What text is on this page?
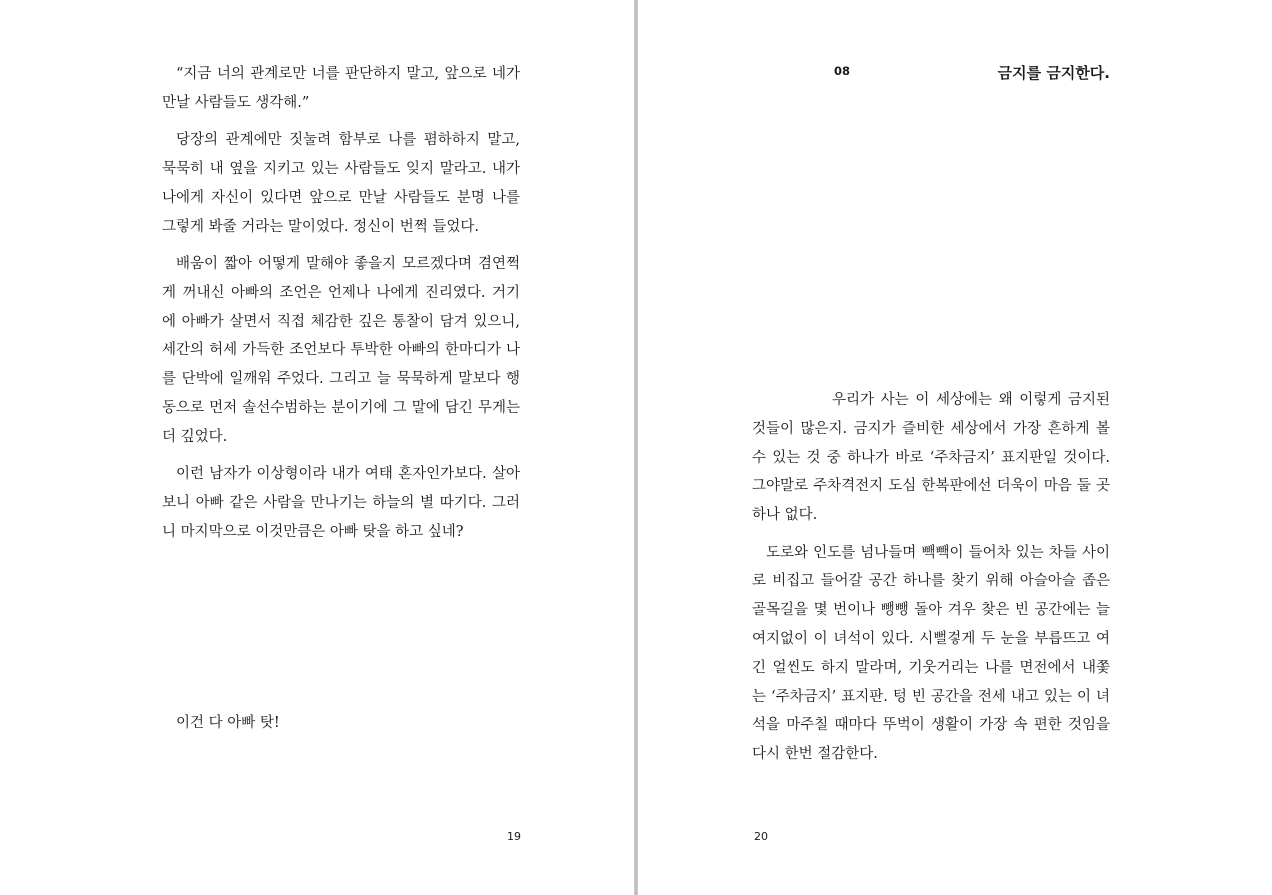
“지금 너의 관계로만 너를 판단하지 말고, 앞으로 네가 만날 사람들도 생각해.”

당장의 관계에만 짓눌려 함부로 나를 폄하하지 말고, 묵묵히 내 옆을 지키고 있는 사람들도 잊지 말라고. 내가 나에게 자신이 있다면 앞으로 만날 사람들도 분명 나를 그렇게 봐줄 거라는 말이었다. 정신이 번쩍 들었다.

배움이 짧아 어떻게 말해야 좋을지 모르겠다며 겸연쩍게 꺼내신 아빠의 조언은 언제나 나에게 진리였다. 거기에 아빠가 살면서 직접 체감한 깊은 통찰이 담겨 있으니, 세간의 허세 가득한 조언보다 투박한 아빠의 한마디가 나를 단박에 일깨워 주었다. 그리고 늘 묵묵하게 말보다 행동으로 먼저 솔선수범하는 분이기에 그 말에 담긴 무게는 더 깊었다.

이런 남자가 이상형이라 내가 여태 혼자인가보다. 살아보니 아빠 같은 사람을 만나기는 하늘의 별 따기다. 그러니 마지막으로 이것만큼은 아빠 탓을 하고 싶네?

이건 다 아빠 탓!
19
08	금지를 금지한다.

우리가 사는 이 세상에는 왜 이렇게 금지된 것들이 많은지. 금지가 즐비한 세상에서 가장 흔하게 볼 수 있는 것 중 하나가 바로 ‘주차금지’ 표지판일 것이다. 그야말로 주차격전지 도심 한복판에선 더욱이 마음 둘 곳 하나 없다.

도로와 인도를 넘나들며 빽빽이 들어차 있는 차들 사이로 비집고 들어갈 공간 하나를 찾기 위해 아슬아슬 좁은 골목길을 몇 번이나 뺑뺑 돌아 겨우 찾은 빈 공간에는 늘 여지없이 이 녀석이 있다. 시뻘겋게 두 눈을 부릅뜨고 여긴 얼씬도 하지 말라며, 기웃거리는 나를 면전에서 내쫓는 ‘주차금지’ 표지판. 텅 빈 공간을 전세 내고 있는 이 녀석을 마주칠 때마다 뚜벅이 생활이 가장 속 편한 것임을 다시 한번 절감한다.

20
